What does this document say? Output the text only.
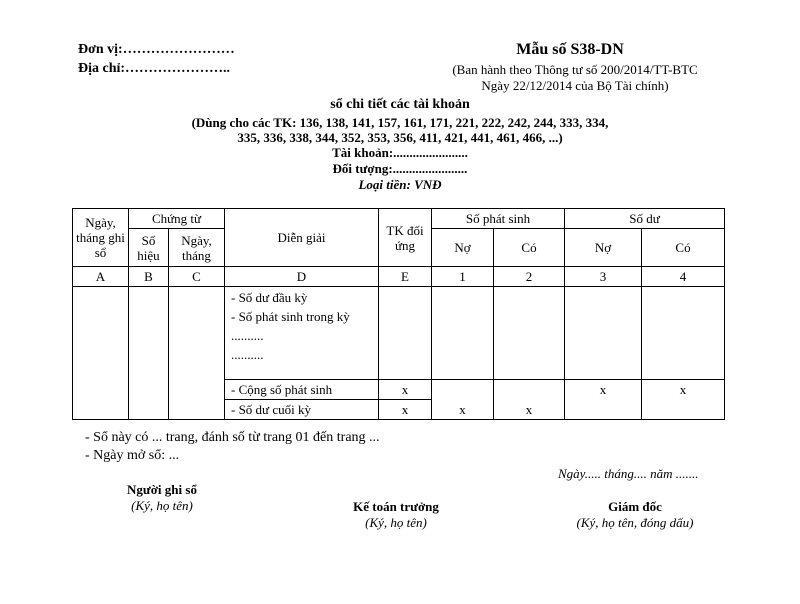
Đơn vị:……………………
Địa chỉ:…………………..
Mẫu số S38-DN
(Ban hành theo Thông tư số 200/2014/TT-BTC
Ngày 22/12/2014 của Bộ Tài chính)
sổ chi tiết các tài khoản
(Dùng cho các TK: 136, 138, 141, 157, 161, 171, 221, 222, 242, 244, 333, 334,
335, 336, 338, 344, 352, 353, 356, 411, 421, 441, 461, 466, ...)
Tài khoản:.......................
Đối tượng:.......................
Loại tiền: VNĐ
Ngày, tháng ghi sổ	Chứng từ		Diễn giải	TK đối ứng	Số phát sinh		Số dư	
	Số hiệu	Ngày, tháng			Nợ	Có	Nợ	Có
A	B	C	D	E	1	2	3	4

			- Số dư đầu kỳ
- Số phát sinh trong kỳ
..........
..........					

			- Cộng số phát sinh	x			x	x
			- Số dư cuối kỳ	x	x	x		
- Sổ này có ... trang, đánh số từ trang 01 đến trang ...
- Ngày mở sổ: ...
Ngày..... tháng.... năm .......
Người ghi sổ
(Ký, họ tên)	Kế toán trưởng
(Ký, họ tên)
Giám đốc
(Ký, họ tên, đóng dấu)
